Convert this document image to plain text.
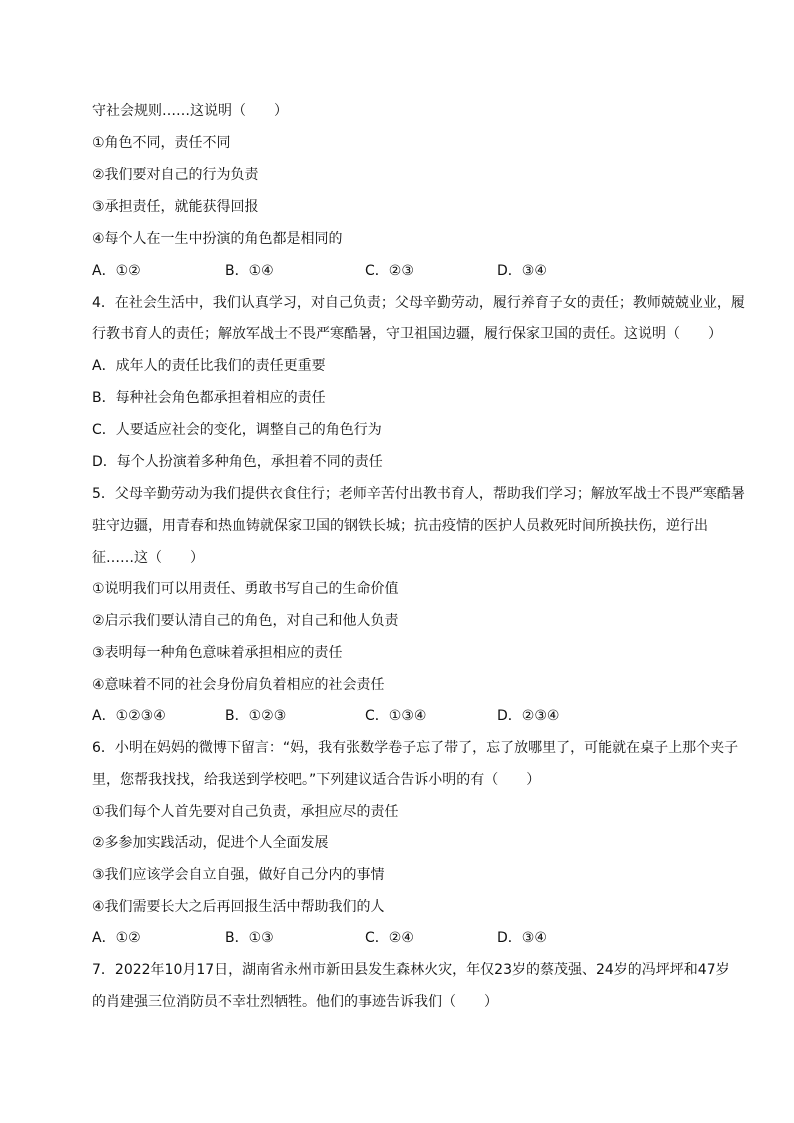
守社会规则……这说明（　　）
①角色不同，责任不同
②我们要对自己的行为负责
③承担责任，就能获得回报
④每个人在一生中扮演的角色都是相同的
A．①②	B．①④	C．②③	D．③④
4．在社会生活中，我们认真学习，对自己负责；父母辛勤劳动，履行养育子女的责任；教师兢兢业业，履
行教书育人的责任；解放军战士不畏严寒酷暑，守卫祖国边疆，履行保家卫国的责任。这说明（　　）
A．成年人的责任比我们的责任更重要
B．每种社会角色都承担着相应的责任
C．人要适应社会的变化，调整自己的角色行为
D．每个人扮演着多种角色，承担着不同的责任
5．父母辛勤劳动为我们提供衣食住行；老师辛苦付出教书育人，帮助我们学习；解放军战士不畏严寒酷暑
驻守边疆，用青春和热血铸就保家卫国的钢铁长城；抗击疫情的医护人员救死时间所换扶伤，逆行出
征……这（　　）
①说明我们可以用责任、勇敢书写自己的生命价值
②启示我们要认清自己的角色，对自己和他人负责
③表明每一种角色意味着承担相应的责任
④意味着不同的社会身份肩负着相应的社会责任
A．①②③④	B．①②③	C．①③④	D．②③④
6．小明在妈妈的微博下留言：“妈，我有张数学卷子忘了带了，忘了放哪里了，可能就在桌子上那个夹子
里，您帮我找找，给我送到学校吧。”下列建议适合告诉小明的有（　　）
①我们每个人首先要对自己负责，承担应尽的责任
②多参加实践活动，促进个人全面发展
③我们应该学会自立自强，做好自己分内的事情
④我们需要长大之后再回报生活中帮助我们的人
A．①②	B．①③	C．②④	D．③④
7．2022年10月17日，湖南省永州市新田县发生森林火灾，年仅23岁的蔡茂强、24岁的冯坪坪和47岁
的肖建强三位消防员不幸壮烈牺牲。他们的事迹告诉我们（　　）
